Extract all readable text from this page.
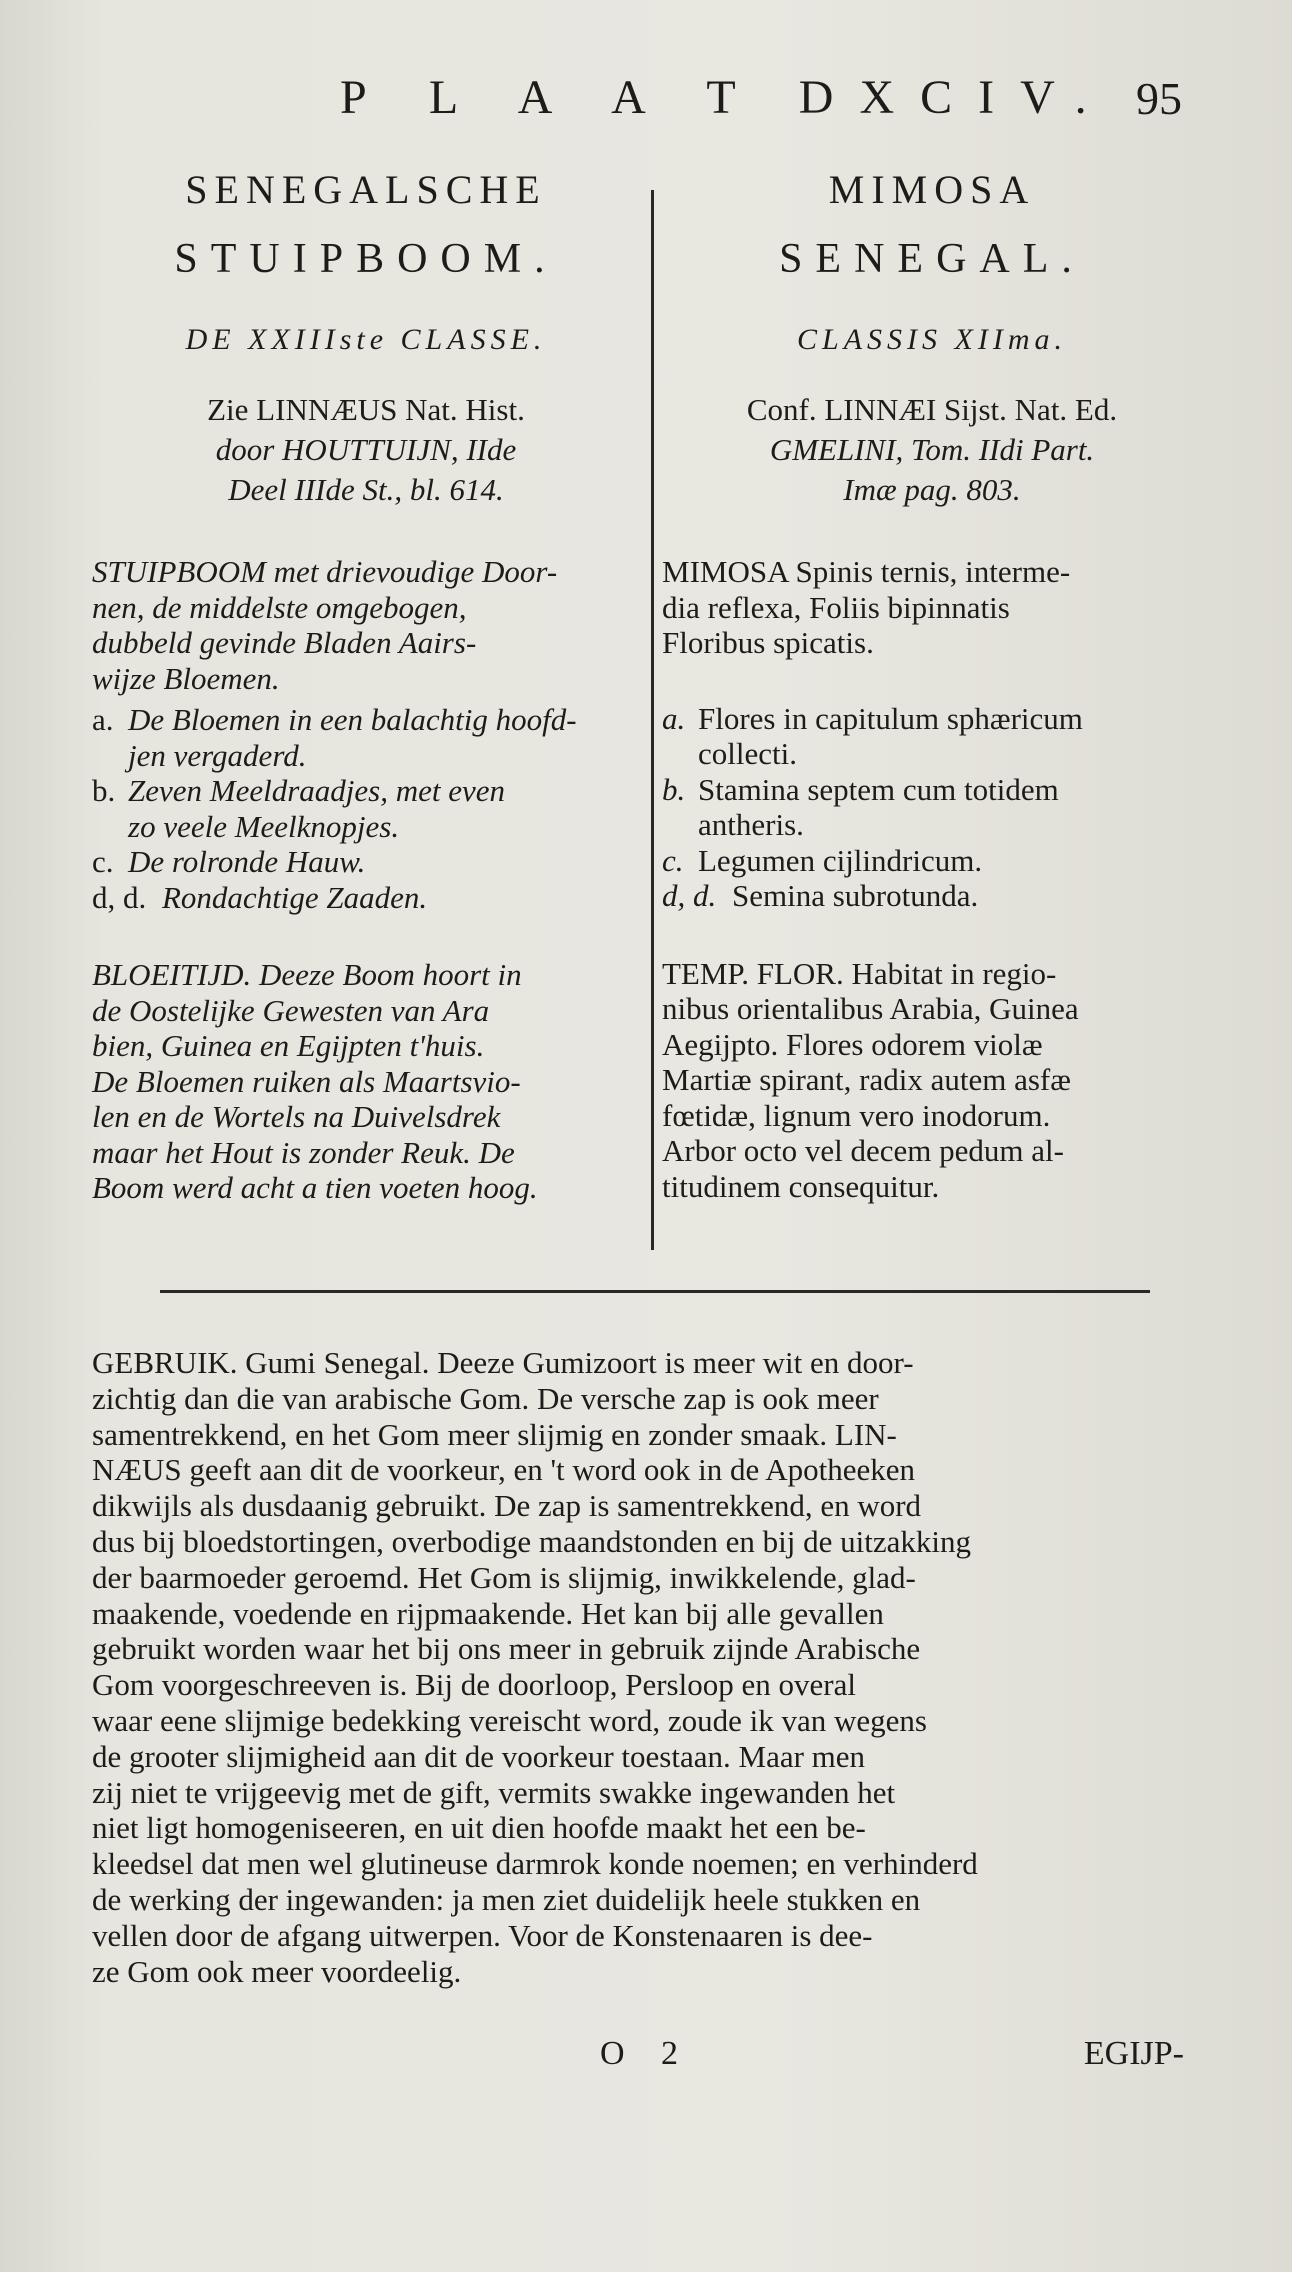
P L A A T DXCIV. 95
SENEGALSCHE
STUIPBOOM.
DE XXIIIste CLASSE.
Zie LINNÆUS Nat. Hist.
door HOUTTUIJN, IIde
Deel IIIde St., bl. 614.
STUIPBOOM met drievoudige Door-
nen, de middelste omgebogen,
dubbeld gevinde Bladen Aairs-
wijze Bloemen.
a. De Bloemen in een balachtig hoofd-
jen vergaderd.
b. Zeven Meeldraadjes, met even
zo veele Meelknopjes.
c. De rolronde Hauw.
d, d. Rondachtige Zaaden.
BLOEITIJD. Deeze Boom hoort in
de Oostelijke Gewesten van Ara
bien, Guinea en Egijpten t'huis.
De Bloemen ruiken als Maartsvio-
len en de Wortels na Duivelsdrek
maar het Hout is zonder Reuk. De
Boom werd acht a tien voeten hoog.
MIMOSA
SENEGAL.
CLASSIS XIIma.
Conf. LINNÆI Sijst. Nat. Ed.
GMELINI, Tom. IIdi Part.
Imæ pag. 803.
MIMOSA Spinis ternis, interme-
dia reflexa, Foliis bipinnatis
Floribus spicatis.
a. Flores in capitulum sphæricum
collecti.
b. Stamina septem cum totidem
antheris.
c. Legumen cijlindricum.
d, d. Semina subrotunda.
TEMP. FLOR. Habitat in regio-
nibus orientalibus Arabia, Guinea
Aegijpto. Flores odorem violæ
Martiæ spirant, radix autem asfæ
fœtidæ, lignum vero inodorum.
Arbor octo vel decem pedum al-
titudinem consequitur.
GEBRUIK. Gumi Senegal. Deeze Gumizoort is meer wit en door-
zichtig dan die van arabische Gom. De versche zap is ook meer
samentrekkend, en het Gom meer slijmig en zonder smaak. LIN-
NÆUS geeft aan dit de voorkeur, en 't word ook in de Apotheeken
dikwijls als dusdaanig gebruikt. De zap is samentrekkend, en word
dus bij bloedstortingen, overbodige maandstonden en bij de uitzakking
der baarmoeder geroemd. Het Gom is slijmig, inwikkelende, glad-
maakende, voedende en rijpmaakende. Het kan bij alle gevallen
gebruikt worden waar het bij ons meer in gebruik zijnde Arabische
Gom voorgeschreeven is. Bij de doorloop, Persloop en overal
waar eene slijmige bedekking vereischt word, zoude ik van wegens
de grooter slijmigheid aan dit de voorkeur toestaan. Maar men
zij niet te vrijgeevig met de gift, vermits swakke ingewanden het
niet ligt homogeniseeren, en uit dien hoofde maakt het een be-
kleedsel dat men wel glutineuse darmrok konde noemen; en verhinderd
de werking der ingewanden: ja men ziet duidelijk heele stukken en
vellen door de afgang uitwerpen. Voor de Konstenaaren is dee-
ze Gom ook meer voordeelig.
O 2	EGIJP-
